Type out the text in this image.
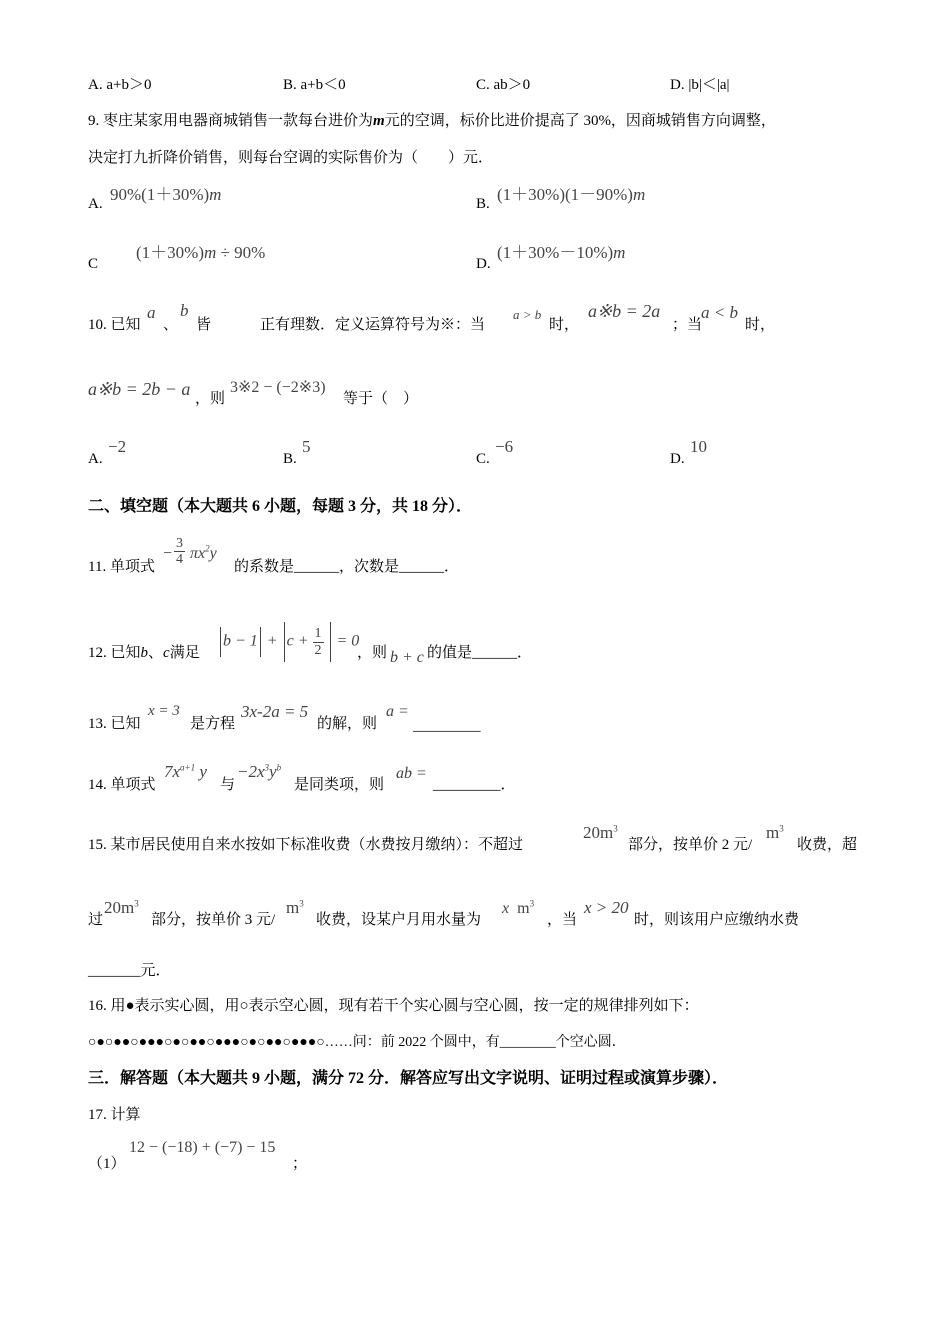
A. a+b＞0	B. a+b＜0	C. ab＞0	D. |b|＜|a|
9. 枣庄某家用电器商城销售一款每台进价为m元的空调，标价比进价提高了 30%，因商城销售方向调整，
决定打九折降价销售，则每台空调的实际售价为（　　）元．
A. 90%(1＋30%)m	B. (1＋30%)(1－90%)m
C
(1＋30%)m ÷ 90%
D.
(1＋30%－10%)m
10. 已知
a
、
b
皆	正有理数．定义运算符号为※：当
a > b
时，
a※b = 2a
；当
a < b
时，
a※b = 2b − a ，则
3※2 − (−2※3)
等于（　）
A.
−2
B.
5
C.
−6
D.
10
二、填空题（本大题共 6 小题，每题 3 分，共 18 分）．
11. 单项式
− $\frac{3}{4} \pi x^2y$
的系数是______，次数是______．
12. 已知b、c满足
$b - 1 + c + \frac{1}{2} = 0$
，则 b + c 的值是______．
13. 已知
x = 3
是方程
3x-2a = 5
的解，则
a =
_________
14. 单项式
$7x^{a+1}$ y
与
$-2x^3y^b$
是同类项，则
ab =
_________．
15. 某市居民使用自来水按如下标准收费（水费按月缴纳）：不超过
$20m^3$
部分，按单价 2 元/
$m^3$
收费，超
过
$20m^3$
部分，按单价 3 元/
$m^3$
收费，设某户月用水量为
x $m^3$
，当
x > 20
时，则该用户应缴纳水费
_______元．
16. 用●表示实心圆，用○表示空心圆，现有若干个实心圆与空心圆，按一定的规律排列如下：
○●○●●○●●●○●○●●○●●●○●○●●○●●●○……问：前 2022 个圆中，有________个空心圆．
三．解答题（本大题共 9 小题，满分 72 分．解答应写出文字说明、证明过程或演算步骤）．
17. 计算
（1）
12 − (−18) + (−7) − 15
；
